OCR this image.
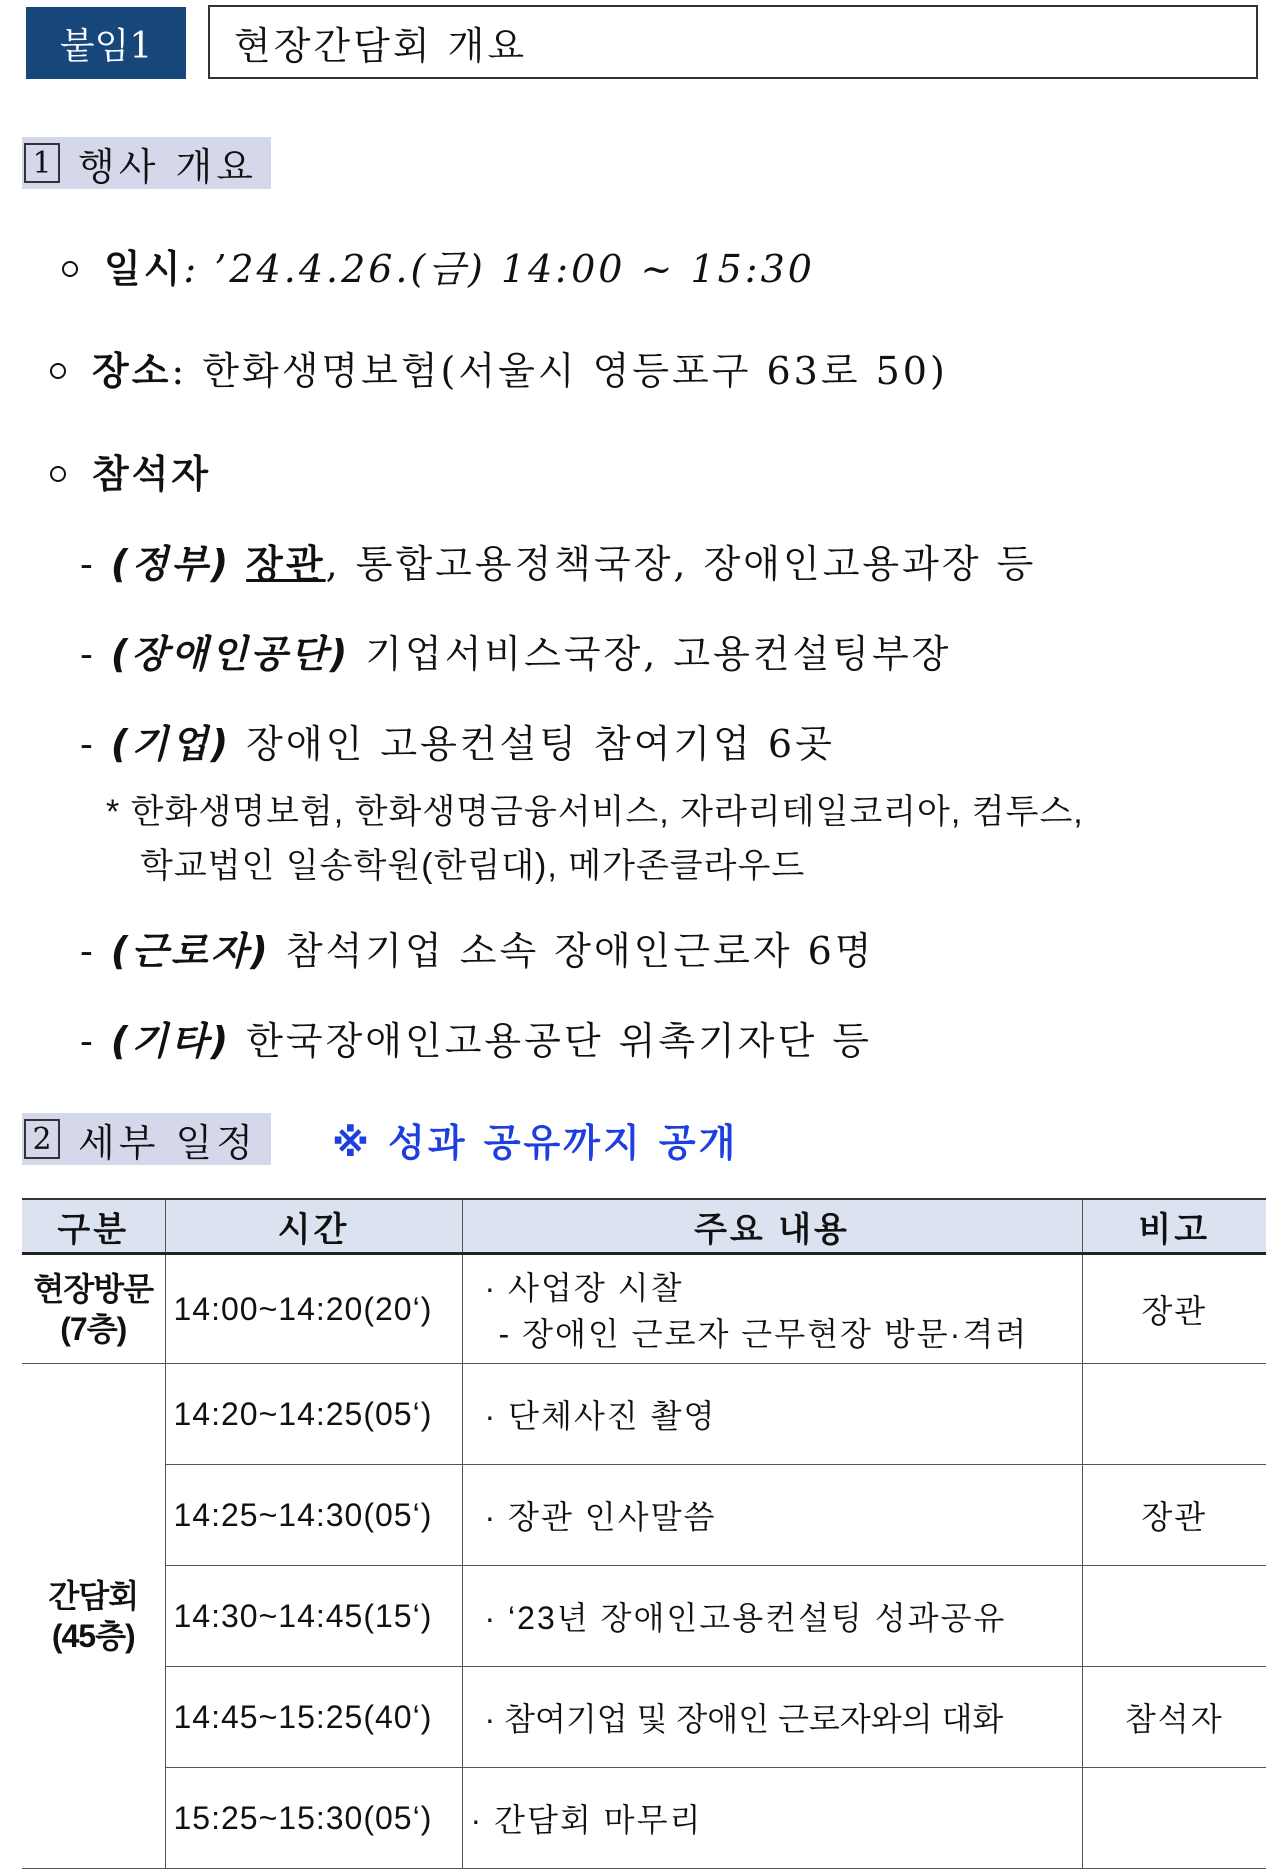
붙임1	현장간담회 개요
1 행사 개요
일시: ’24.4.26.(금) 14:00 ~ 15:30
장소: 한화생명보험(서울시 영등포구 63로 50)
참석자
- (정부) 장관, 통합고용정책국장, 장애인고용과장 등
- (장애인공단) 기업서비스국장, 고용컨설팅부장
- (기업) 장애인 고용컨설팅 참여기업 6곳
* 한화생명보험, 한화생명금융서비스, 자라리테일코리아, 컴투스,
학교법인 일송학원(한림대), 메가존클라우드
- (근로자) 참석기업 소속 장애인근로자 6명
- (기타) 한국장애인고용공단 위촉기자단 등
2 세부 일정 ※ 성과 공유까지 공개
구분	시간	주요 내용	비고
현장방문
(7층)	14:00~14:20(20‘)	· 사업장 시찰
- 장애인 근로자 근무현장 방문·격려	장관
간담회
(45층)	14:20~14:25(05‘)	· 단체사진 촬영	
	14:25~14:30(05‘)	· 장관 인사말씀	장관
	14:30~14:45(15‘)	· ‘23년 장애인고용컨설팅 성과공유	
	14:45~15:25(40‘)	· 참여기업 및 장애인 근로자와의 대화	참석자
	15:25~15:30(05‘)	· 간담회 마무리	
